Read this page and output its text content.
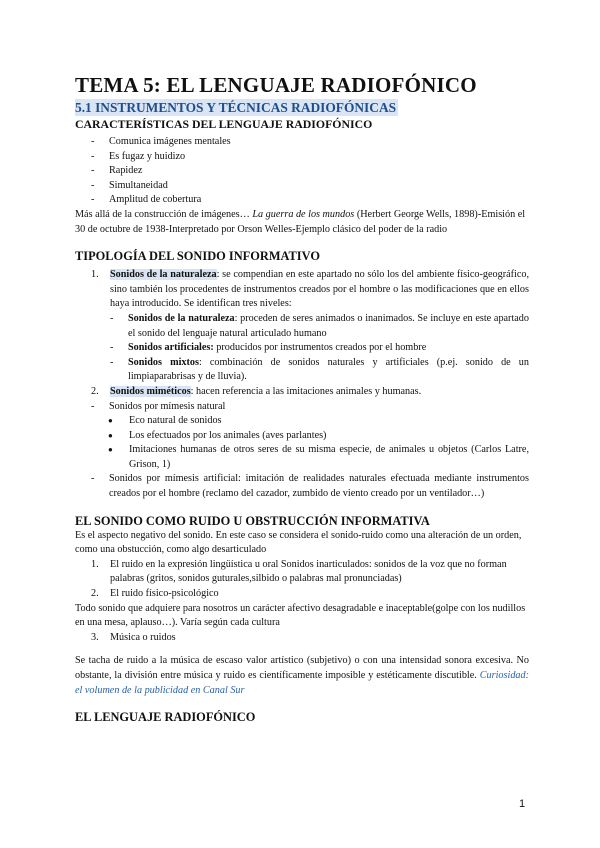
TEMA 5: EL LENGUAJE RADIOFÓNICO
5.1 INSTRUMENTOS Y TÉCNICAS RADIOFÓNICAS
CARACTERÍSTICAS DEL LENGUAJE RADIOFÓNICO
- Comunica imágenes mentales
- Es fugaz y huidizo
- Rapidez
- Simultaneidad
- Amplitud de cobertura

Más allá de la construcción de imágenes… La guerra de los mundos (Herbert George Wells, 1898)-Emisión el 30 de octubre de 1938-Interpretado por Orson Welles-Ejemplo clásico del poder de la radio

TIPOLOGÍA DEL SONIDO INFORMATIVO
1. Sonidos de la naturaleza: se compendian en este apartado no sólo los del ambiente físico-geográfico, sino también los procedentes de instrumentos creados por el hombre o las modificaciones que en ellos haya introducido. Se identifican tres niveles:
- Sonidos de la naturaleza: proceden de seres animados o inanimados. Se incluye en este apartado el sonido del lenguaje natural articulado humano
- Sonidos artificiales: producidos por instrumentos creados por el hombre
- Sonidos mixtos: combinación de sonidos naturales y artificiales (p.ej. sonido de un limpiaparabrisas y de lluvia).
2. Sonidos miméticos: hacen referencia a las imitaciones animales y humanas.
- Sonidos por mímesis natural
● Eco natural de sonidos
● Los efectuados por los animales (aves parlantes)
● Imitaciones humanas de otros seres de su misma especie, de animales u objetos (Carlos Latre, Grison, 1)
- Sonidos por mímesis artificial: imitación de realidades naturales efectuada mediante instrumentos creados por el hombre (reclamo del cazador, zumbido de viento creado por un ventilador…)
EL SONIDO COMO RUIDO U OBSTRUCCIÓN INFORMATIVA

Es el aspecto negativo del sonido. En este caso se considera el sonido-ruido como una alteración de un orden, como una obstucción, como algo desarticulado

1. El ruido en la expresión lingüística u oral Sonidos inarticulados: sonidos de la voz que no forman palabras (gritos, sonidos guturales,silbido o palabras mal pronunciadas)
2. El ruido físico-psicológico

Todo sonido que adquiere para nosotros un carácter afectivo desagradable e inaceptable(golpe con los nudillos en una mesa, aplauso…). Varía según cada cultura

3. Música o ruidos

Se tacha de ruido a la música de escaso valor artístico (subjetivo) o con una intensidad sonora excesiva. No obstante, la división entre música y ruido es científicamente imposible y estéticamente discutible. Curiosidad: el volumen de la publicidad en Canal Sur

EL LENGUAJE RADIOFÓNICO
1
